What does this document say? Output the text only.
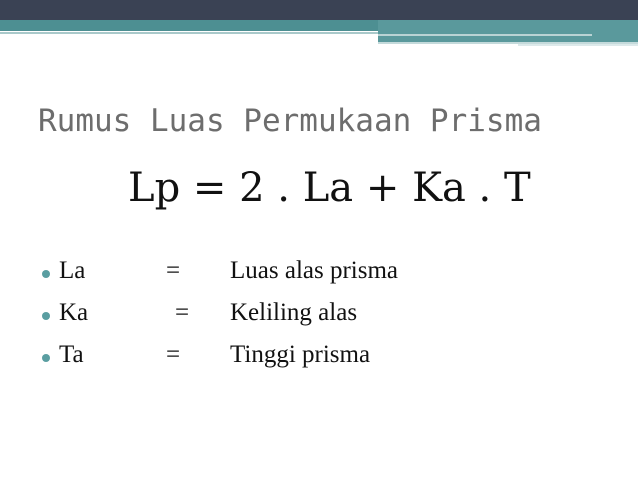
Rumus Luas Permukaan Prisma
Lp = 2 . La + Ka . T
La	= Luas alas prisma
Ka	= Keliling alas
Ta	= Tinggi prisma
